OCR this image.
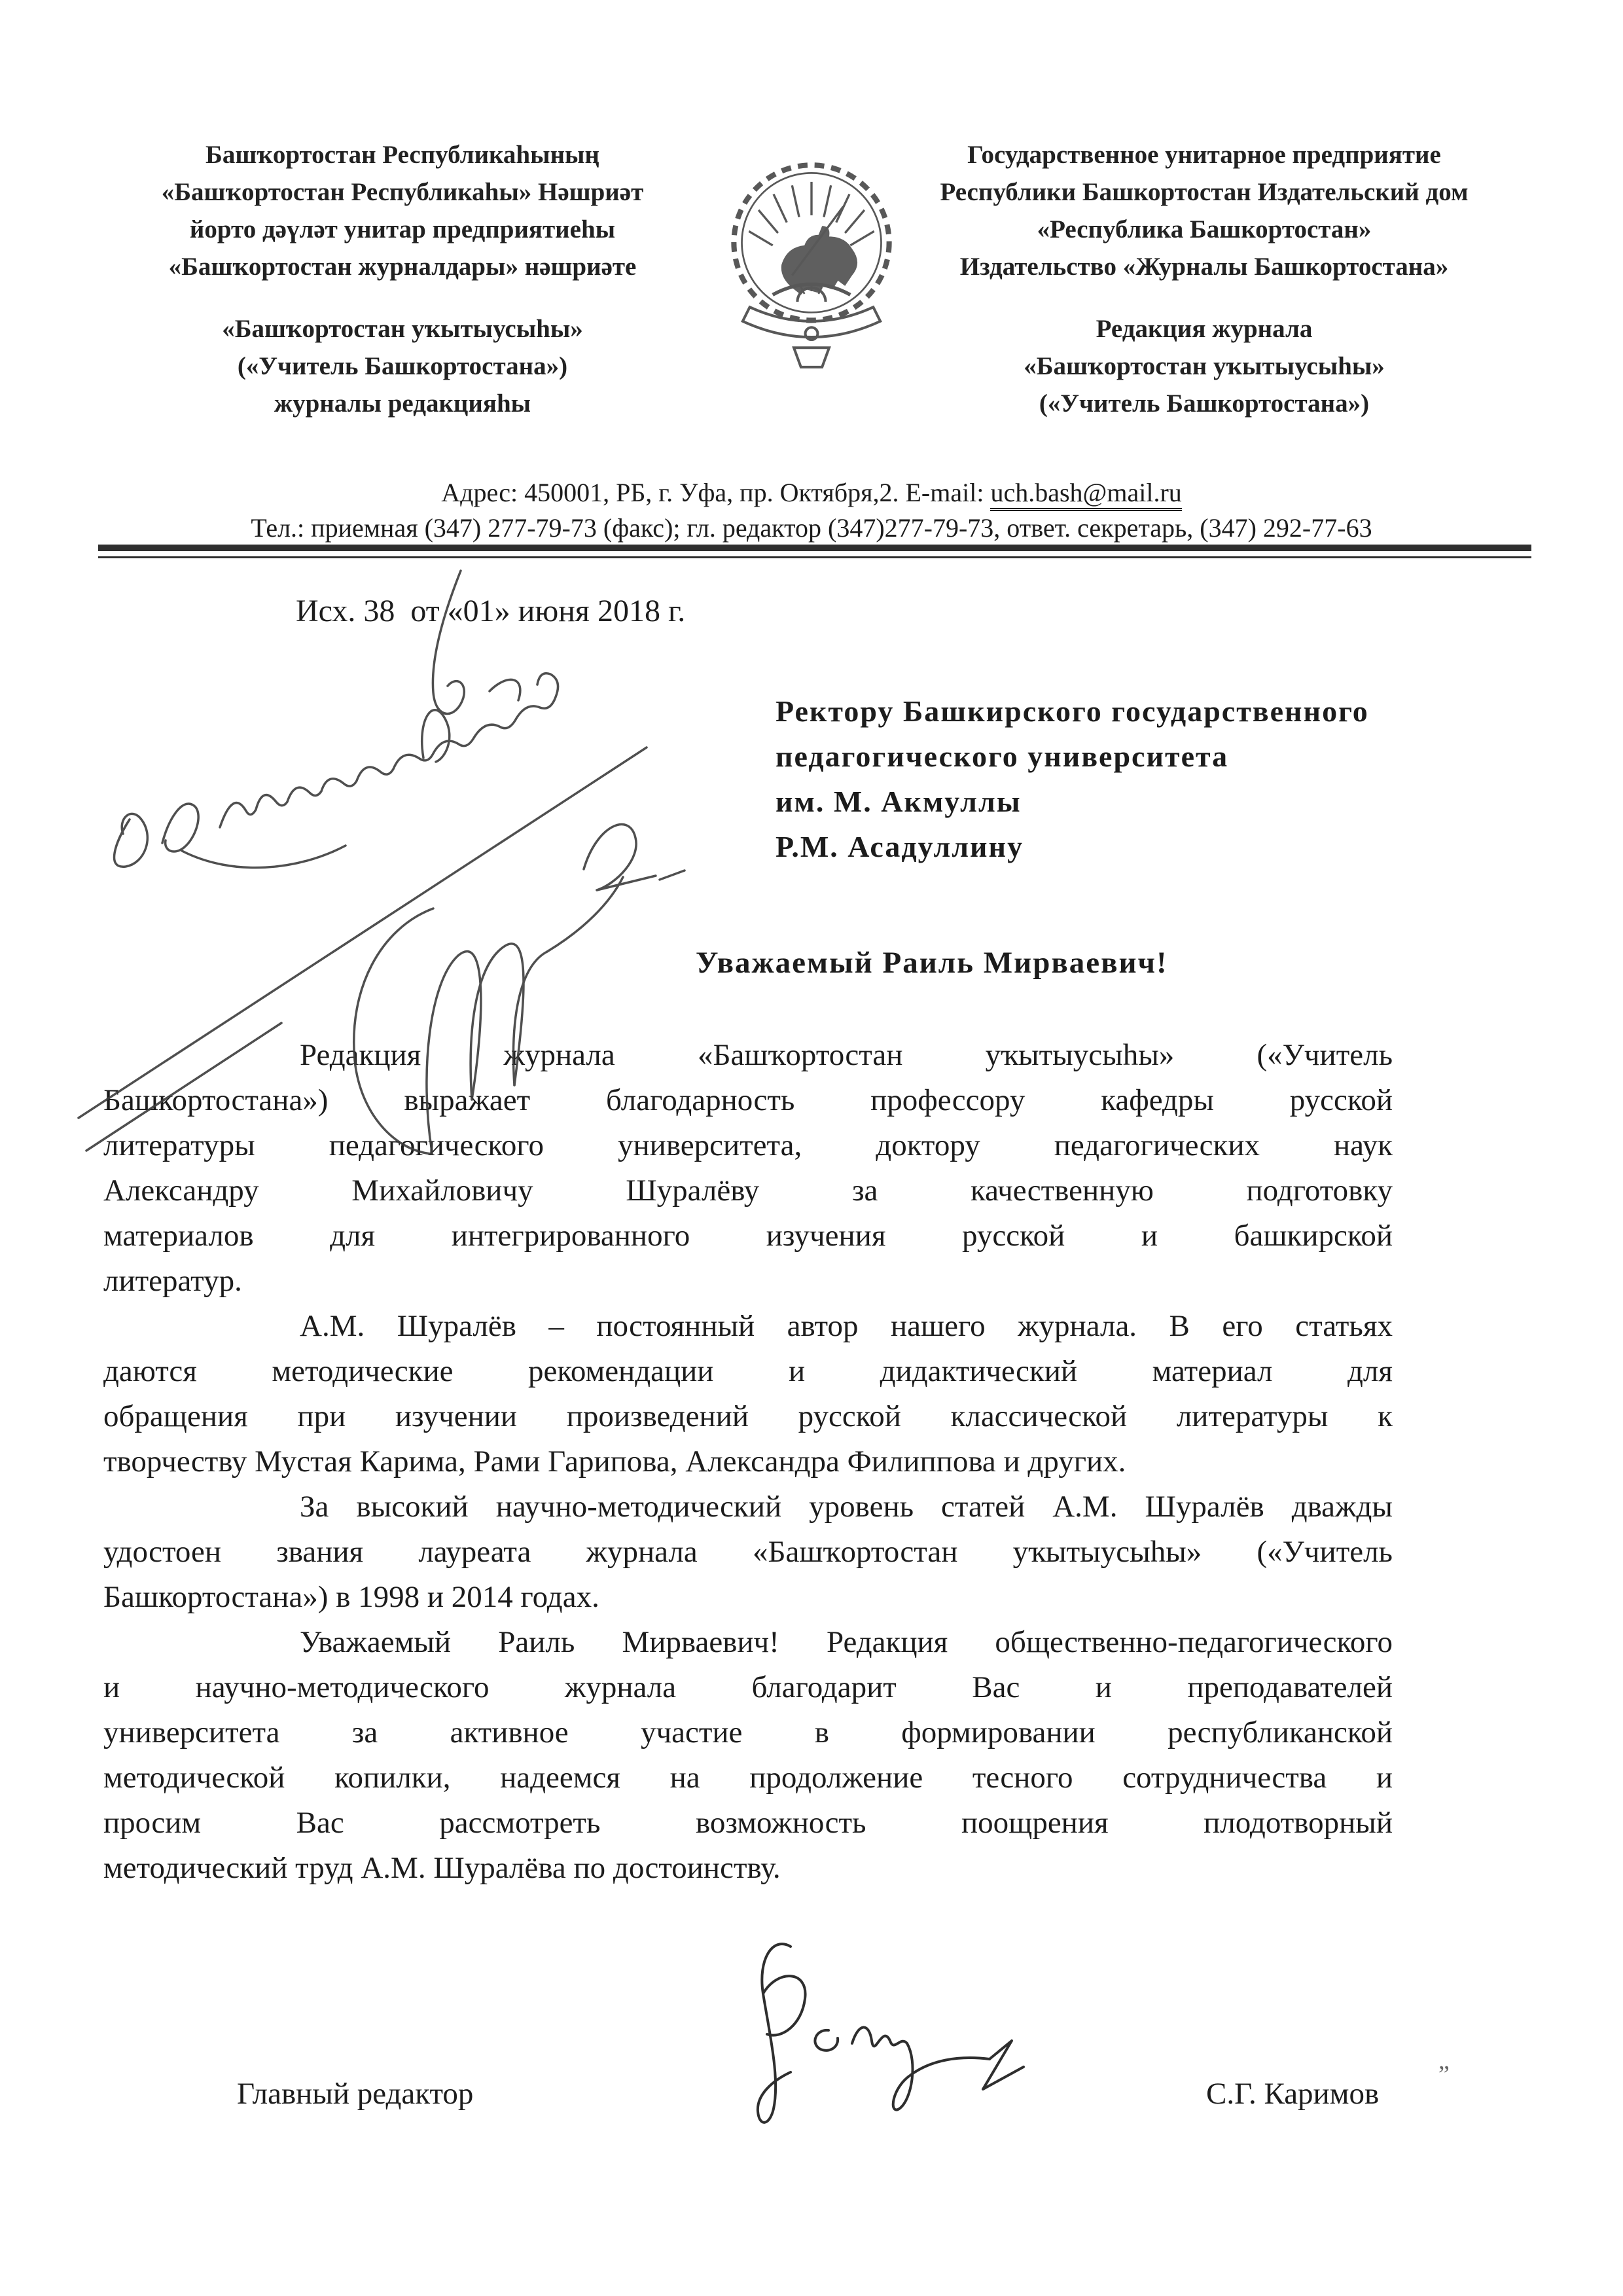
Башҡортостан Республикаһының
«Башҡортостан Республикаһы» Нәшриәт
йорто дәүләт унитар предприятиеһы
«Башҡортостан журналдары» нәшриәте
«Башҡортостан уҡытыусыһы»
(«Учитель Башкортостана»)
журналы редакцияһы
Государственное унитарное предприятие
Республики Башкортостан Издательский дом
«Республика Башкортостан»
Издательство «Журналы Башкортостана»
Редакция журнала
«Башҡортостан уҡытыусыһы»
(«Учитель Башкортостана»)
Адрес: 450001, РБ, г. Уфа, пр. Октября,2. E-mail: uch.bash@mail.ru
Тел.: приемная (347) 277-79-73 (факс); гл. редактор (347)277-79-73, ответ. секретарь, (347) 292-77-63
Исх. 38  от «01» июня 2018 г.
Ректору Башкирского государственного
педагогического университета
им. М. Акмуллы
Р.М. Асадуллину
Уважаемый Раиль Мирваевич!
Редакция журнала «Башҡортостан уҡытыусыһы» («Учитель
Башкортостана») выражает благодарность профессору кафедры русской
литературы педагогического университета, доктору педагогических наук
Александру Михайловичу Шуралёву за качественную подготовку
материалов для интегрированного изучения русской и башкирской
литератур.
А.М. Шуралёв – постоянный автор нашего журнала. В его статьях
даются методические рекомендации и дидактический материал для
обращения при изучении произведений русской классической литературы к
творчеству Мустая Карима, Рами Гарипова, Александра Филиппова и других.
За высокий научно-методический уровень статей А.М. Шуралёв дважды
удостоен звания лауреата журнала «Башҡортостан уҡытыусыһы» («Учитель
Башкортостана») в 1998 и 2014 годах.
Уважаемый Раиль Мирваевич! Редакция общественно-педагогического
и научно-методического журнала благодарит Вас и преподавателей
университета за активное участие в формировании республиканской
методической копилки, надеемся на продолжение тесного сотрудничества и
просим Вас рассмотреть возможность поощрения плодотворный
методический труд А.М. Шуралёва по достоинству.
Главный редактор	С.Г. Каримов
”
